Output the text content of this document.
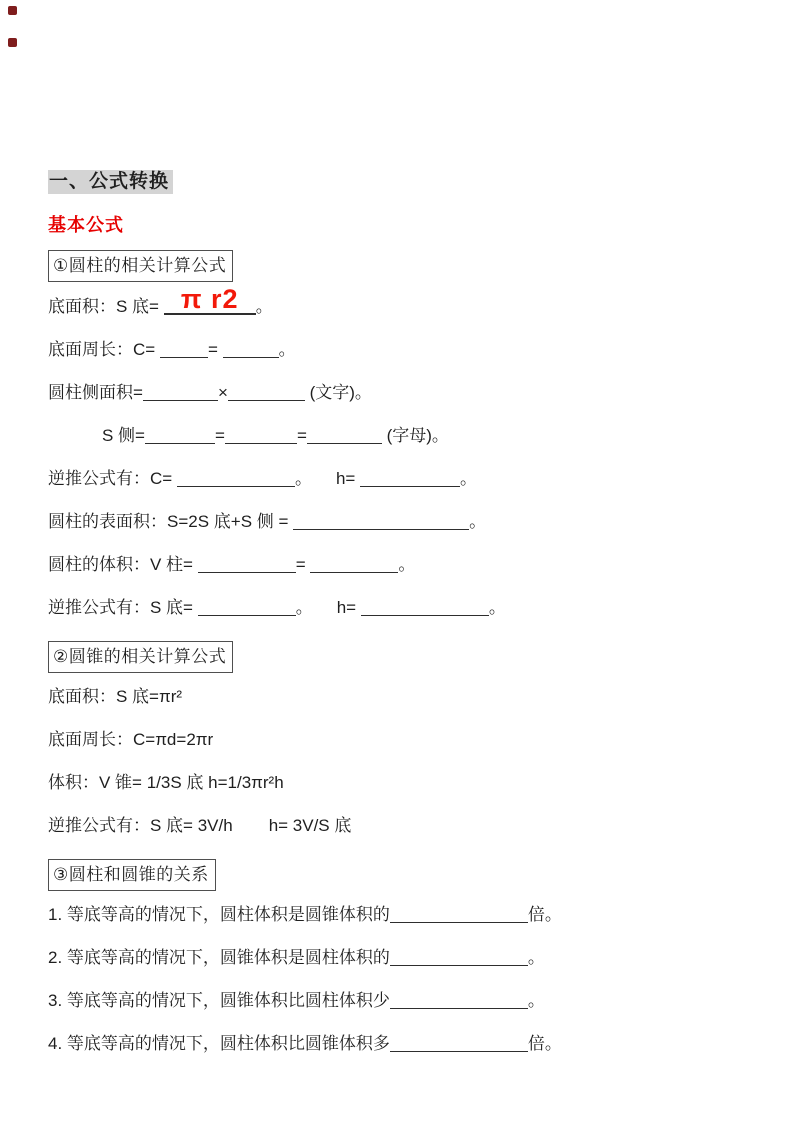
一、公式转换
基本公式
①圆柱的相关计算公式

底面积：S 底= π r2 。

底面周长：C=	=	。

圆柱侧面积=	×	(文字)。

S 侧=	=	=	(字母)。

逆推公式有：C=	。 h=	。

圆柱的表面积：S=2S 底+S 侧 =	。

圆柱的体积：V 柱=	=	。

逆推公式有：S 底=	。 h=	。

②圆锥的相关计算公式

底面积：S 底=πr²

底面周长：C=πd=2πr

体积：V 锥= 1/3S 底 h=1/3πr²h

逆推公式有：S 底= 3V/h h= 3V/S 底

③圆柱和圆锥的关系

1. 等底等高的情况下，圆柱体积是圆锥体积的	倍。

2. 等底等高的情况下，圆锥体积是圆柱体积的	。

3. 等底等高的情况下，圆锥体积比圆柱体积少	。

4. 等底等高的情况下，圆柱体积比圆锥体积多	倍。
